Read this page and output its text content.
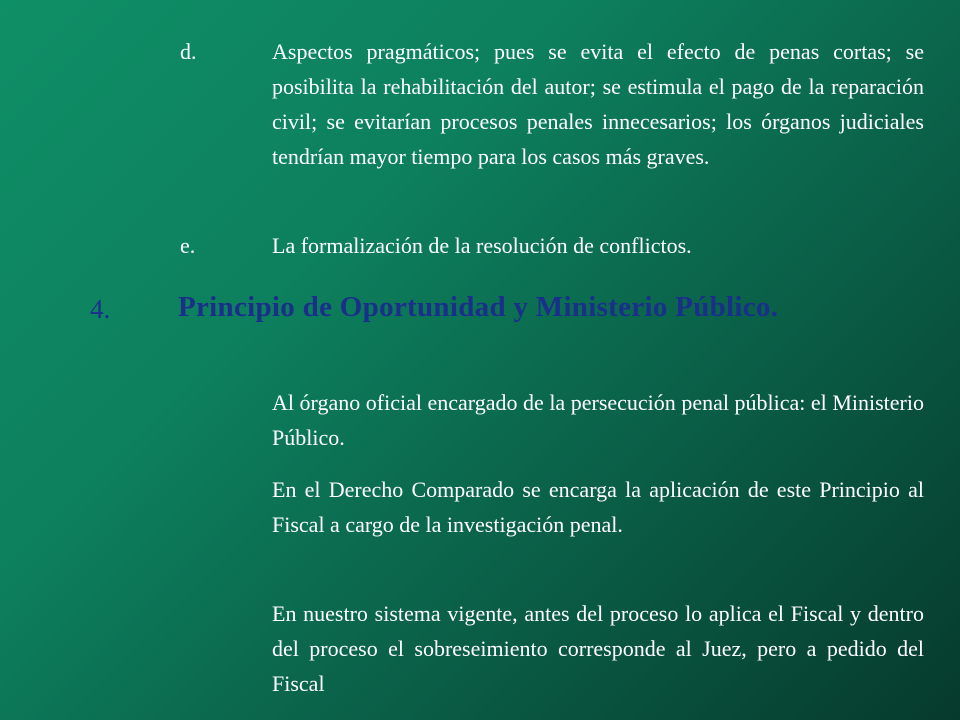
d.	Aspectos pragmáticos; pues se evita el efecto de penas cortas; se posibilita la rehabilitación del autor; se estimula el pago de la reparación civil; se evitarían procesos penales innecesarios; los órganos judiciales tendrían mayor tiempo para los casos más graves.
e.	La formalización de la resolución de conflictos.
4. Principio de Oportunidad y Ministerio Público.
Al órgano oficial encargado de la persecución penal pública: el Ministerio Público.
En el Derecho Comparado se encarga la aplicación de este Principio al Fiscal a cargo de la investigación penal.
En nuestro sistema vigente, antes del proceso lo aplica el Fiscal y dentro del proceso el sobreseimiento corresponde al Juez, pero a pedido del Fiscal
